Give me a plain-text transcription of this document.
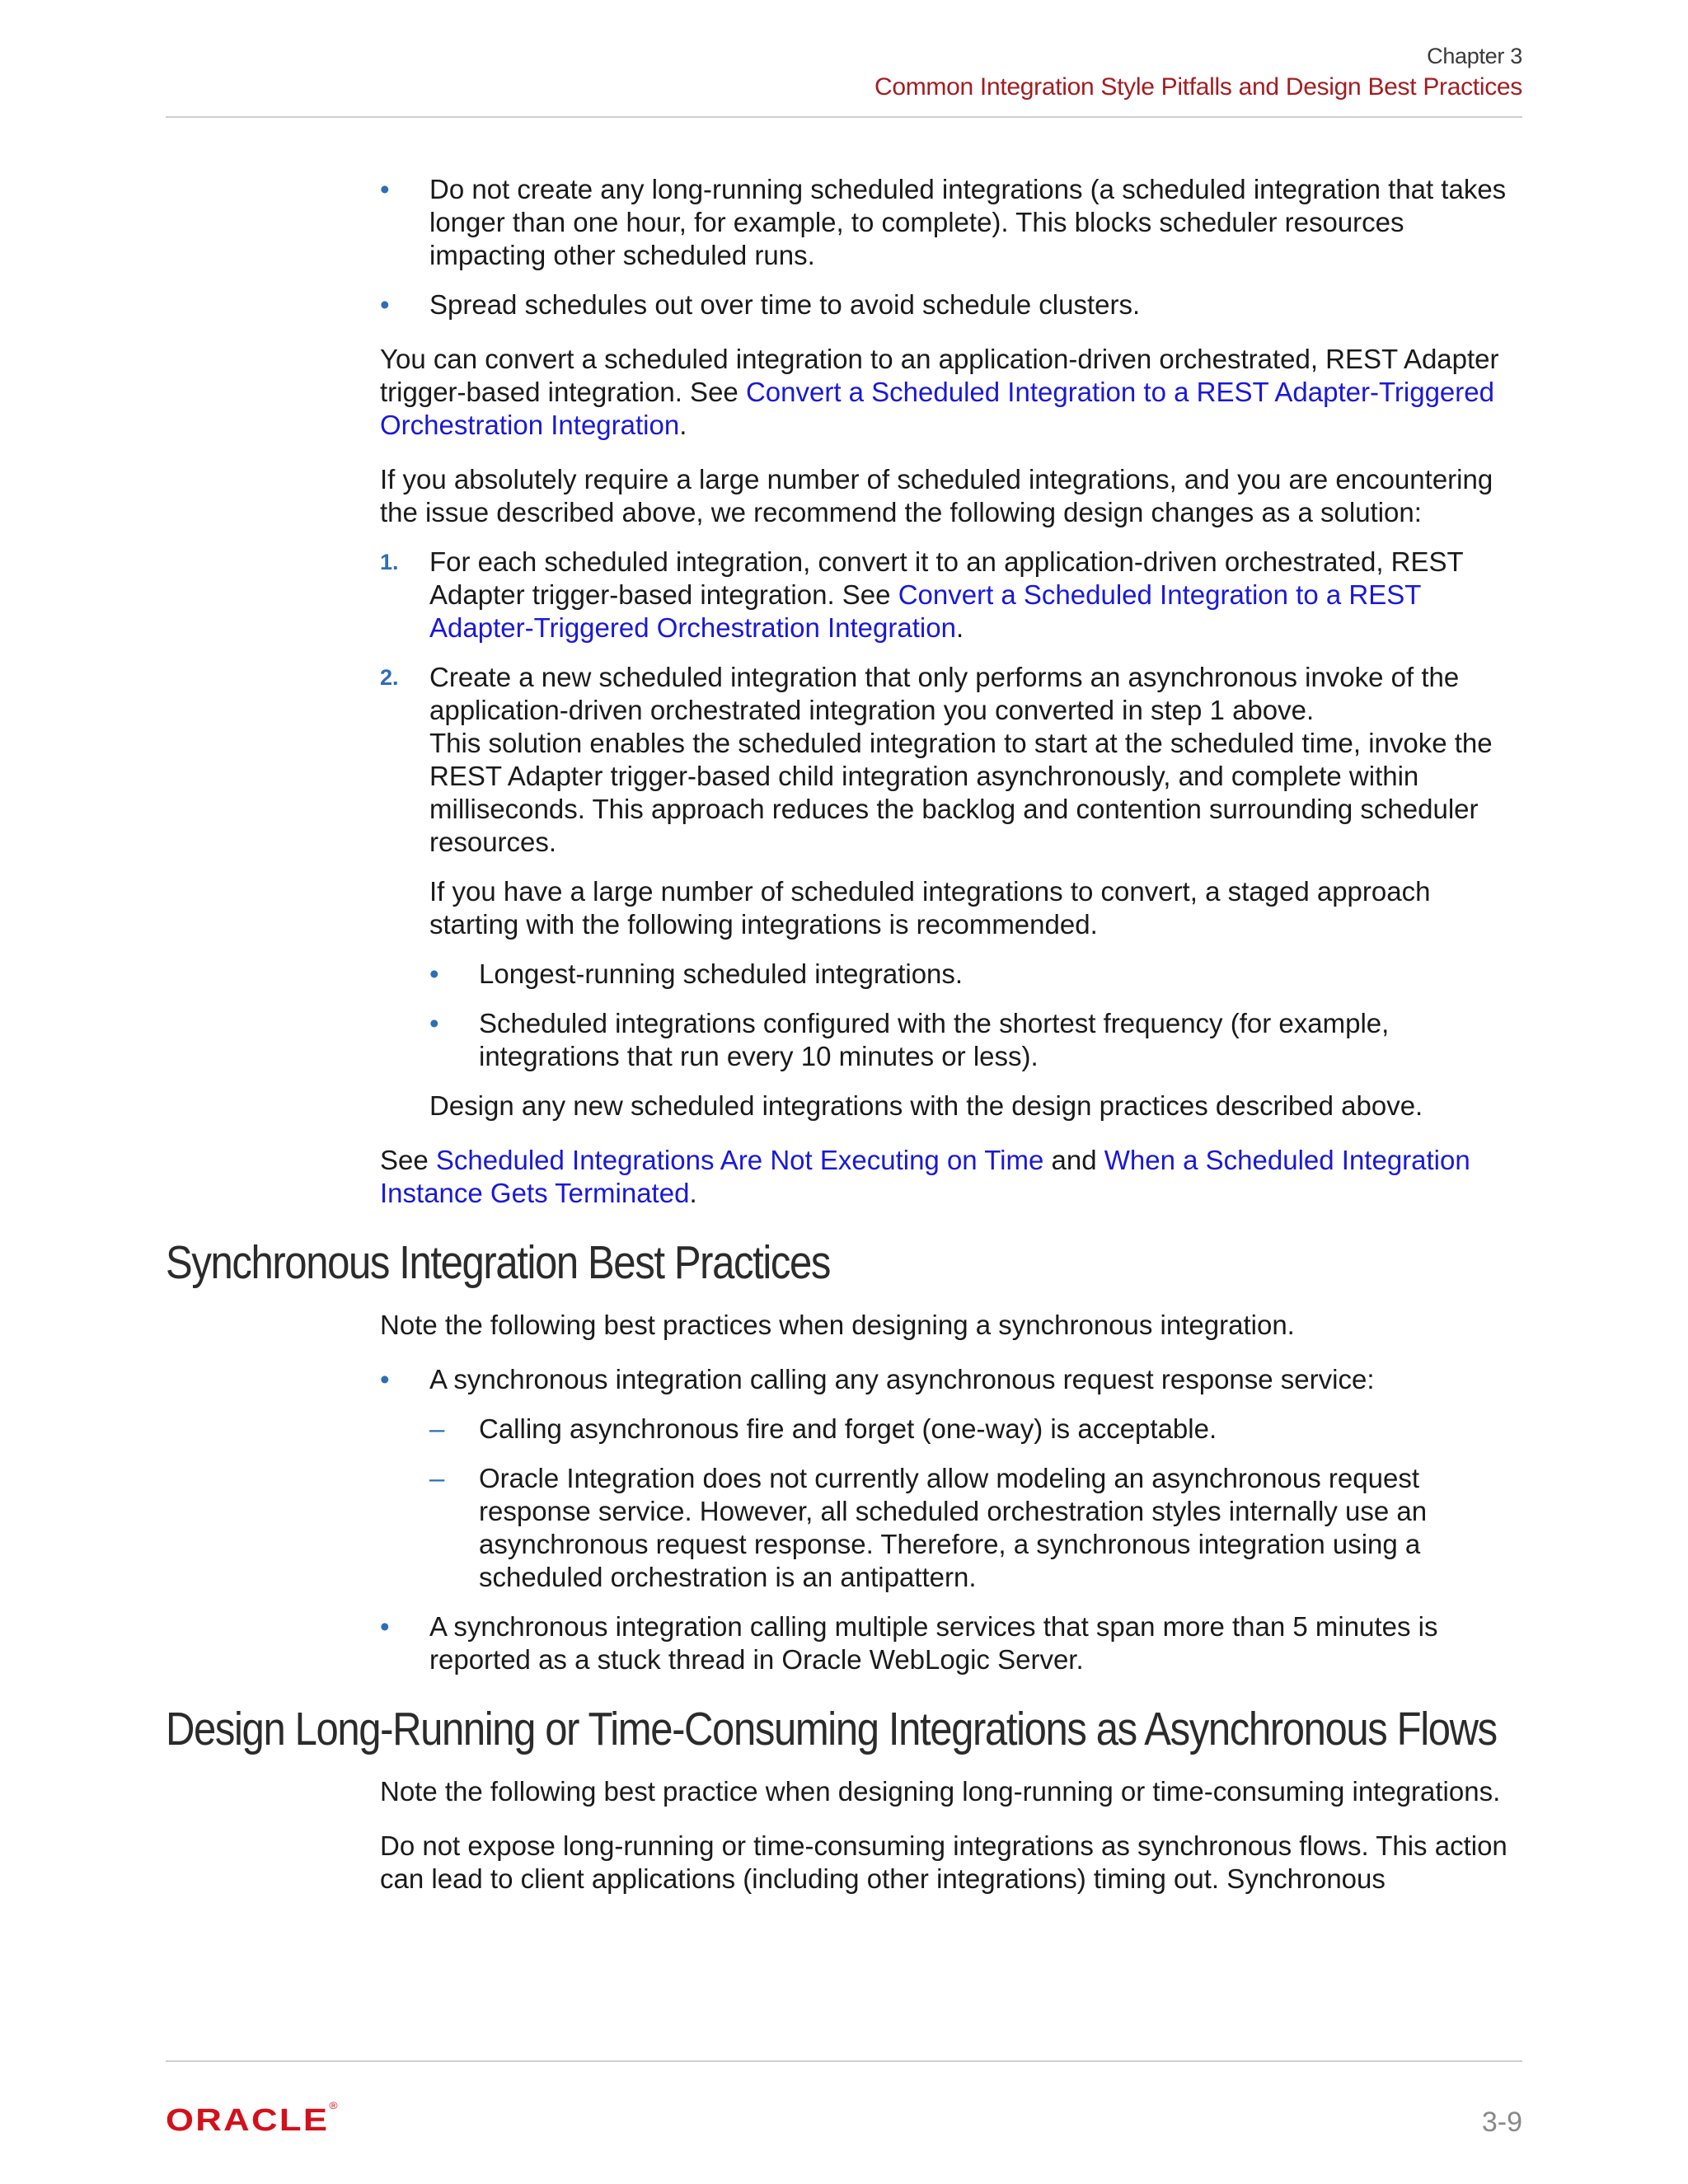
Chapter 3
Common Integration Style Pitfalls and Design Best Practices
• Do not create any long-running scheduled integrations (a scheduled integration that takes longer than one hour, for example, to complete). This blocks scheduler resources impacting other scheduled runs.

• Spread schedules out over time to avoid schedule clusters.

You can convert a scheduled integration to an application-driven orchestrated, REST Adapter trigger-based integration. See Convert a Scheduled Integration to a REST Adapter-Triggered Orchestration Integration.

If you absolutely require a large number of scheduled integrations, and you are encountering the issue described above, we recommend the following design changes as a solution:

1. For each scheduled integration, convert it to an application-driven orchestrated, REST Adapter trigger-based integration. See Convert a Scheduled Integration to a REST Adapter-Triggered Orchestration Integration.

2. Create a new scheduled integration that only performs an asynchronous invoke of the application-driven orchestrated integration you converted in step 1 above.

This solution enables the scheduled integration to start at the scheduled time, invoke the REST Adapter trigger-based child integration asynchronously, and complete within milliseconds. This approach reduces the backlog and contention surrounding scheduler resources.

If you have a large number of scheduled integrations to convert, a staged approach starting with the following integrations is recommended.

• Longest-running scheduled integrations.

• Scheduled integrations configured with the shortest frequency (for example, integrations that run every 10 minutes or less).

Design any new scheduled integrations with the design practices described above.

See Scheduled Integrations Are Not Executing on Time and When a Scheduled Integration Instance Gets Terminated.

Synchronous Integration Best Practices

Note the following best practices when designing a synchronous integration.

• A synchronous integration calling any asynchronous request response service:

– Calling asynchronous fire and forget (one-way) is acceptable.

– Oracle Integration does not currently allow modeling an asynchronous request response service. However, all scheduled orchestration styles internally use an asynchronous request response. Therefore, a synchronous integration using a scheduled orchestration is an antipattern.

• A synchronous integration calling multiple services that span more than 5 minutes is reported as a stuck thread in Oracle WebLogic Server.

Design Long-Running or Time-Consuming Integrations as Asynchronous Flows

Note the following best practice when designing long-running or time-consuming integrations.

Do not expose long-running or time-consuming integrations as synchronous flows. This action can lead to client applications (including other integrations) timing out. Synchronous

ORACLE®
3-9
